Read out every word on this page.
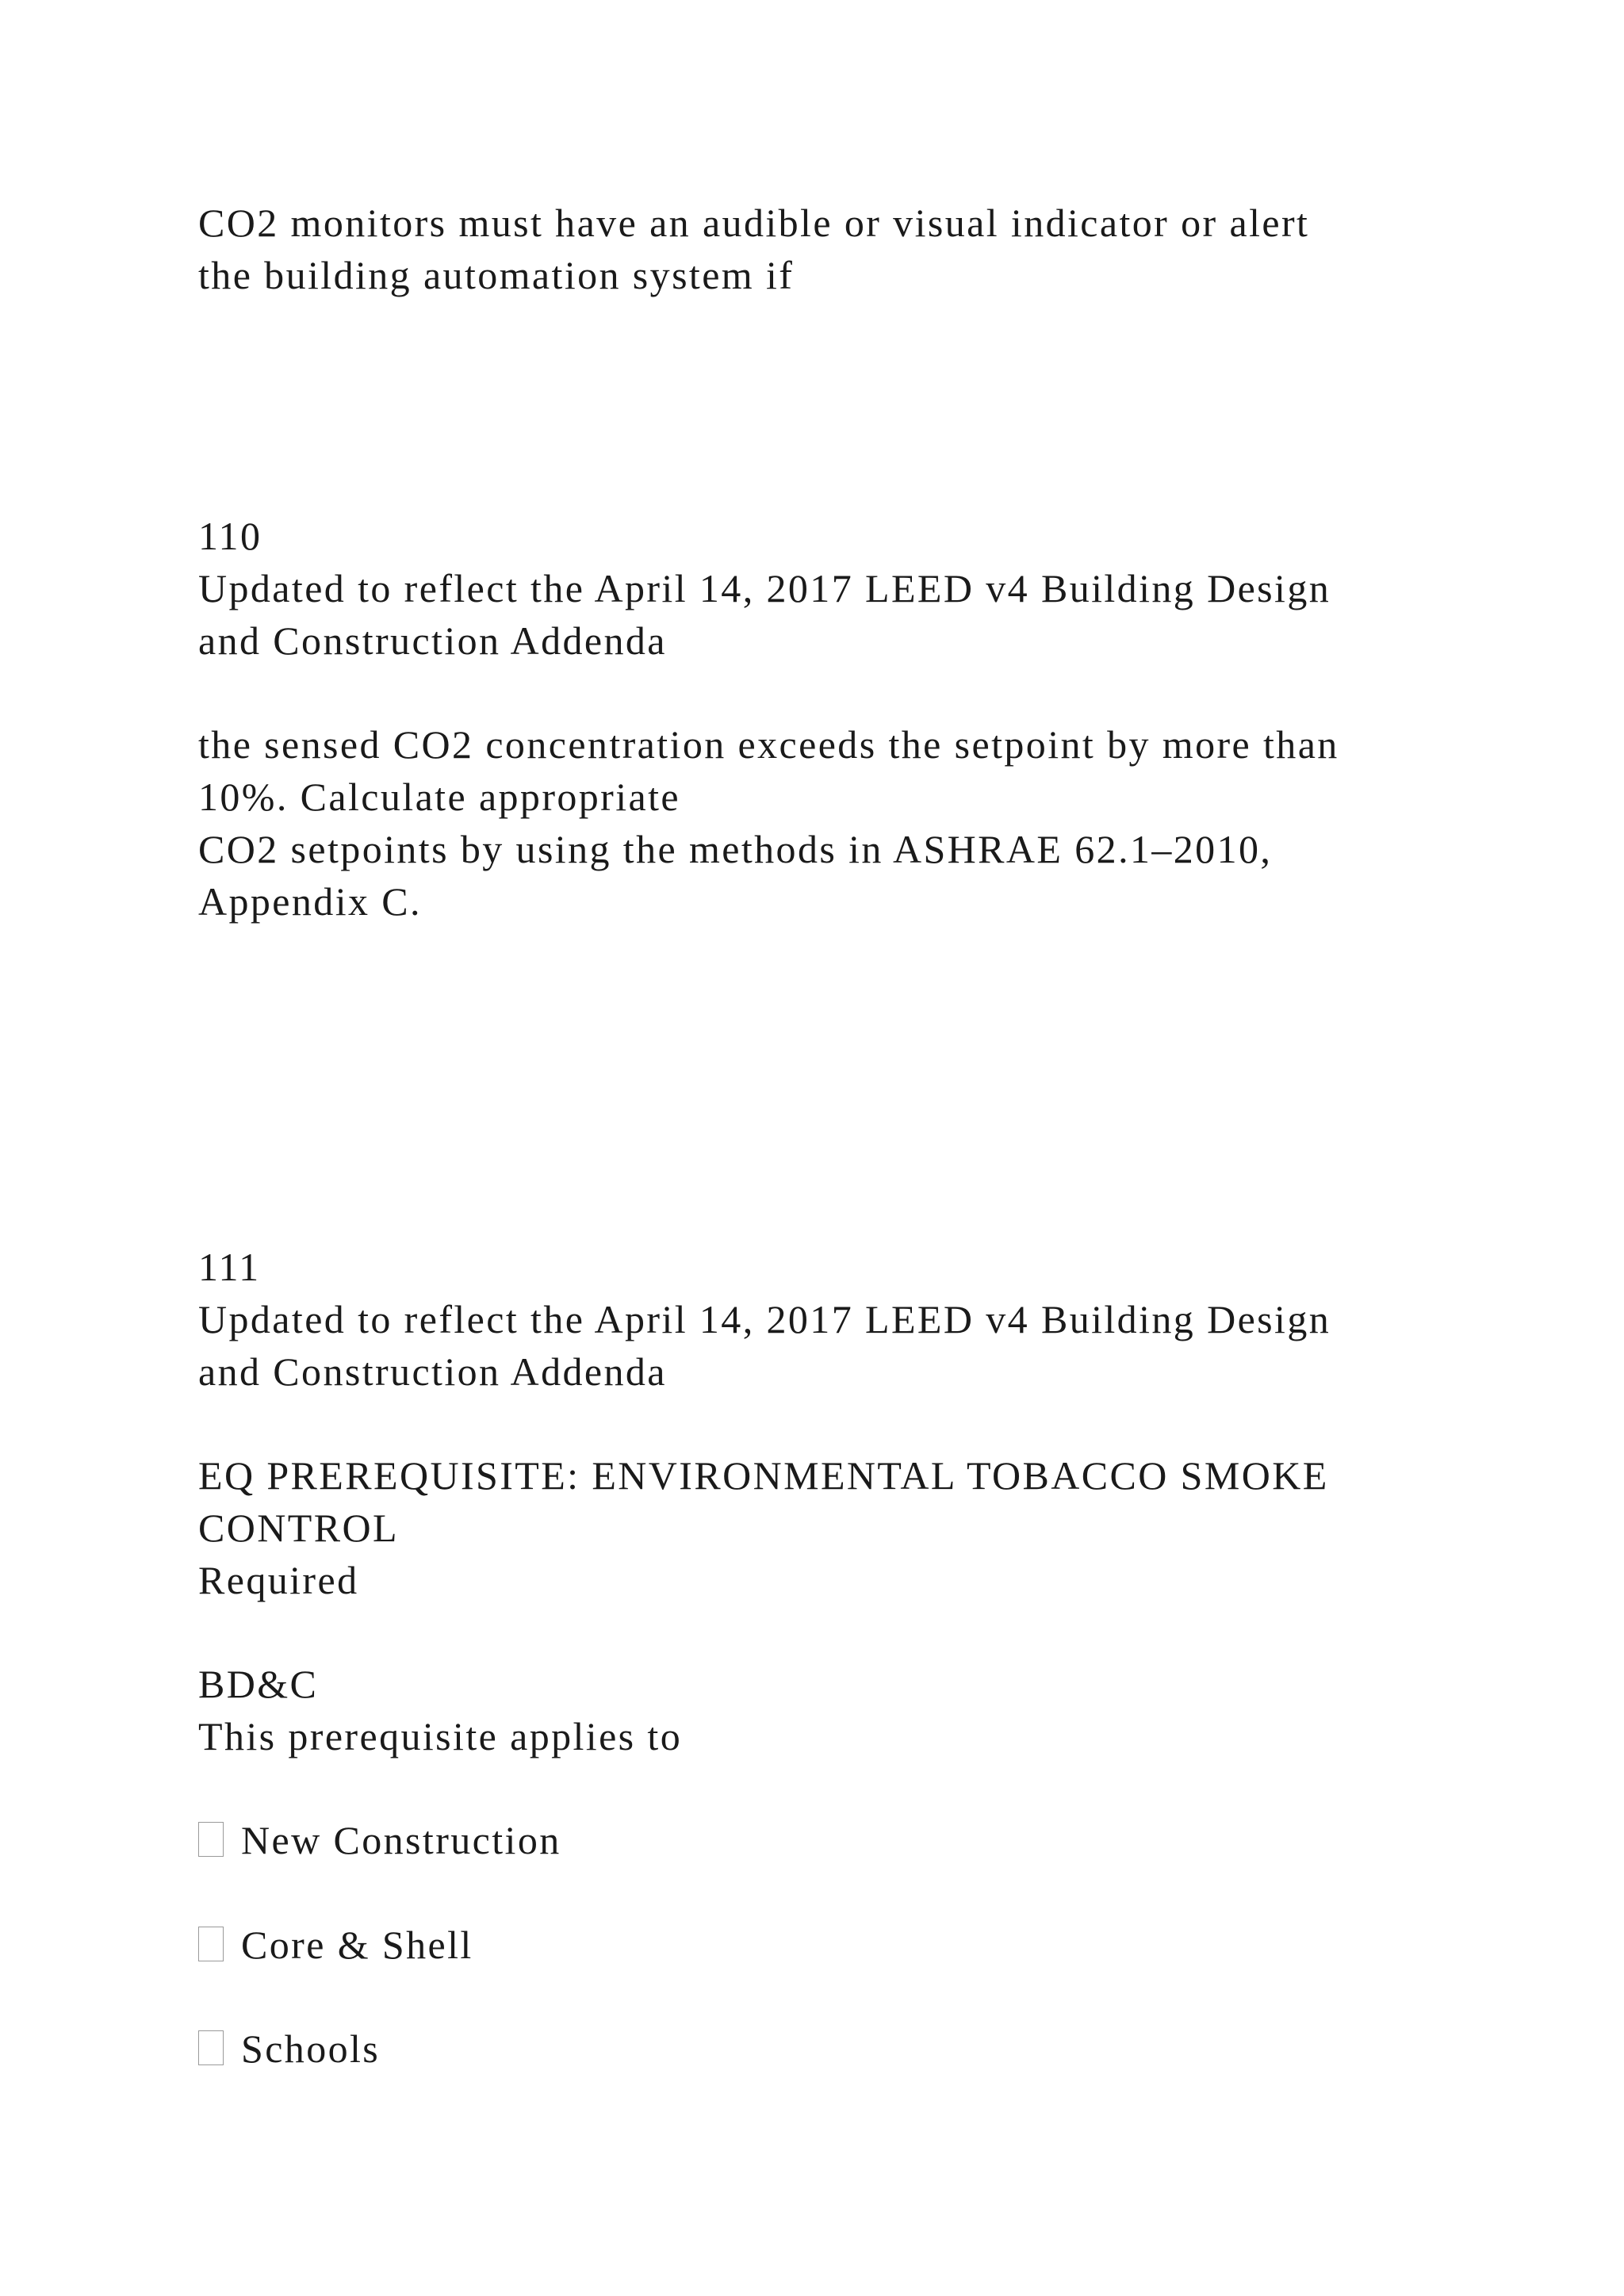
CO2 monitors must have an audible or visual indicator or alert

the building automation system if

110

Updated to reflect the April 14, 2017 LEED v4 Building Design

and Construction Addenda

the sensed CO2 concentration exceeds the setpoint by more than

10%. Calculate appropriate

CO2 setpoints by using the methods in ASHRAE 62.1–2010,

Appendix C.

111

Updated to reflect the April 14, 2017 LEED v4 Building Design

and Construction Addenda

EQ PREREQUISITE: ENVIRONMENTAL TOBACCO SMOKE

CONTROL

Required

BD&C

This prerequisite applies to

New Construction

Core & Shell

Schools
